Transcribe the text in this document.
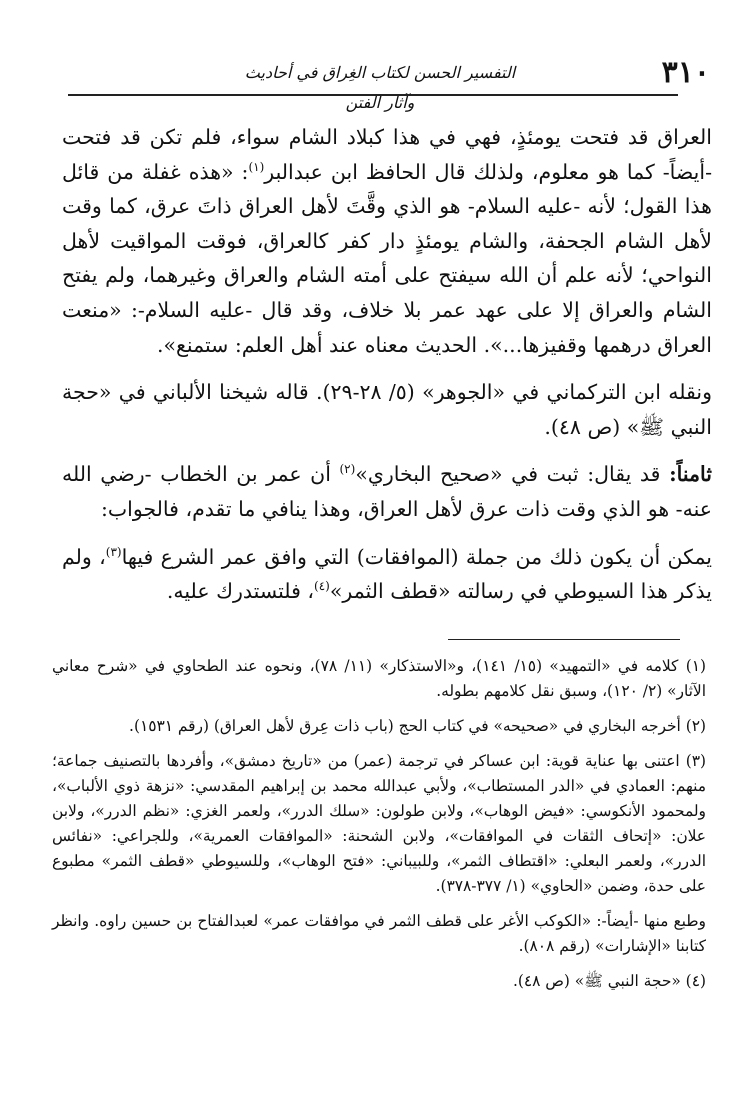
٣١٠
التفسير الحسن لكتاب الغِراق في أحاديث وآثار الفتن

العراق قد فتحت يومئذٍ، فهي في هذا كبلاد الشام سواء، فلم تكن قد فتحت -أيضاً- كما هو معلوم، ولذلك قال الحافظ ابن عبدالبر$^{(١)}$: «هذه غفلة من قائل هذا القول؛ لأنه -عليه السلام- هو الذي وقَّتَ لأهل العراق ذاتَ عرق، كما وقت لأهل الشام الجحفة، والشام يومئذٍ دار كفر كالعراق، فوقت المواقيت لأهل النواحي؛ لأنه علم أن الله سيفتح على أمته الشام والعراق وغيرهما، ولم يفتح الشام والعراق إلا على عهد عمر بلا خلاف، وقد قال -عليه السلام-: «منعت العراق درهمها وقفيزها...». الحديث معناه عند أهل العلم: ستمنع».

ونقله ابن التركماني في «الجوهر» (٥/ ٢٨-٢٩). قاله شيخنا الألباني في «حجة النبي ﷺ» (ص ٤٨).

ثامناً: قد يقال: ثبت في «صحيح البخاري»$^{(٢)}$ أن عمر بن الخطاب -رضي الله عنه- هو الذي وقت ذات عرق لأهل العراق، وهذا ينافي ما تقدم، فالجواب:

يمكن أن يكون ذلك من جملة (الموافقات) التي وافق عمر الشرع فيها$^{(٣)}$، ولم يذكر هذا السيوطي في رسالته «قطف الثمر»$^{(٤)}$، فلتستدرك عليه.

(١) كلامه في «التمهيد» (١٥/ ١٤١)، و«الاستذكار» (١١/ ٧٨)، ونحوه عند الطحاوي في «شرح معاني الآثار» (٢/ ١٢٠)، وسبق نقل كلامهم بطوله.

(٢) أخرجه البخاري في «صحيحه» في كتاب الحج (باب ذات عِرق لأهل العراق) (رقم ١٥٣١).

(٣) اعتنى بها عناية قوية: ابن عساكر في ترجمة (عمر) من «تاريخ دمشق»، وأفردها بالتصنيف جماعة؛ منهم: العمادي في «الدر المستطاب»، ولأبي عبدالله محمد بن إبراهيم المقدسي: «نزهة ذوي الألباب»، ولمحمود الأنكوسي: «فيض الوهاب»، ولابن طولون: «سلك الدرر»، ولعمر الغزي: «نظم الدرر»، ولابن علان: «إتحاف الثقات في الموافقات»، ولابن الشحنة: «الموافقات العمرية»، وللجراعي: «نفائس الدرر»، ولعمر البعلي: «اقتطاف الثمر»، وللبيباني: «فتح الوهاب»، وللسيوطي «قطف الثمر» مطبوع على حدة، وضمن «الحاوي» (١/ ٣٧٧-٣٧٨).

وطبع منها -أيضاً-: «الكوكب الأغر على قطف الثمر في موافقات عمر» لعبدالفتاح بن حسين راوه. وانظر كتابنا «الإشارات» (رقم ٨٠٨).

(٤) «حجة النبي ﷺ» (ص ٤٨).
